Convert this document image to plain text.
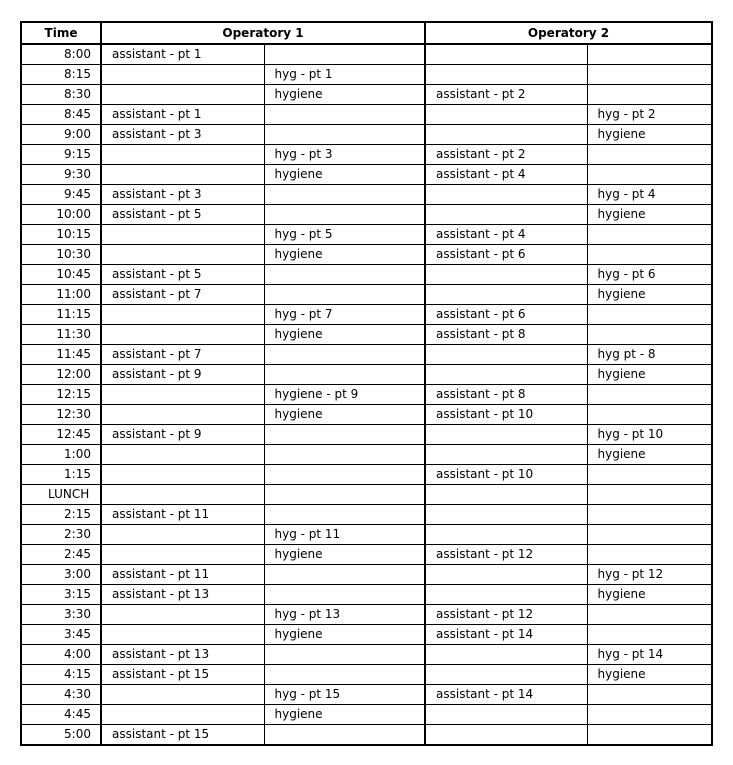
Time	Operatory 1		Operatory 2	
8:00	assistant - pt 1			
8:15		hyg - pt 1		
8:30		hygiene	assistant - pt 2	
8:45	assistant - pt 1			hyg - pt 2
9:00	assistant - pt 3			hygiene
9:15		hyg - pt 3	assistant - pt 2	
9:30		hygiene	assistant - pt 4	
9:45	assistant - pt 3			hyg - pt 4
10:00	assistant - pt 5			hygiene
10:15		hyg - pt 5	assistant - pt 4	
10:30		hygiene	assistant - pt 6	
10:45	assistant - pt 5			hyg - pt 6
11:00	assistant - pt 7			hygiene
11:15		hyg - pt 7	assistant - pt 6	
11:30		hygiene	assistant - pt 8	
11:45	assistant - pt 7			hyg pt - 8
12:00	assistant - pt 9			hygiene
12:15		hygiene - pt 9	assistant - pt 8	
12:30		hygiene	assistant - pt 10	
12:45	assistant - pt 9			hyg - pt 10
1:00				hygiene
1:15			assistant - pt 10	
LUNCH				
2:15	assistant - pt 11			
2:30		hyg - pt 11		
2:45		hygiene	assistant - pt 12	
3:00	assistant - pt 11			hyg - pt 12
3:15	assistant - pt 13			hygiene
3:30		hyg - pt 13	assistant - pt 12	
3:45		hygiene	assistant - pt 14	
4:00	assistant - pt 13			hyg - pt 14
4:15	assistant - pt 15			hygiene
4:30		hyg - pt 15	assistant - pt 14	
4:45		hygiene		
5:00	assistant - pt 15			
